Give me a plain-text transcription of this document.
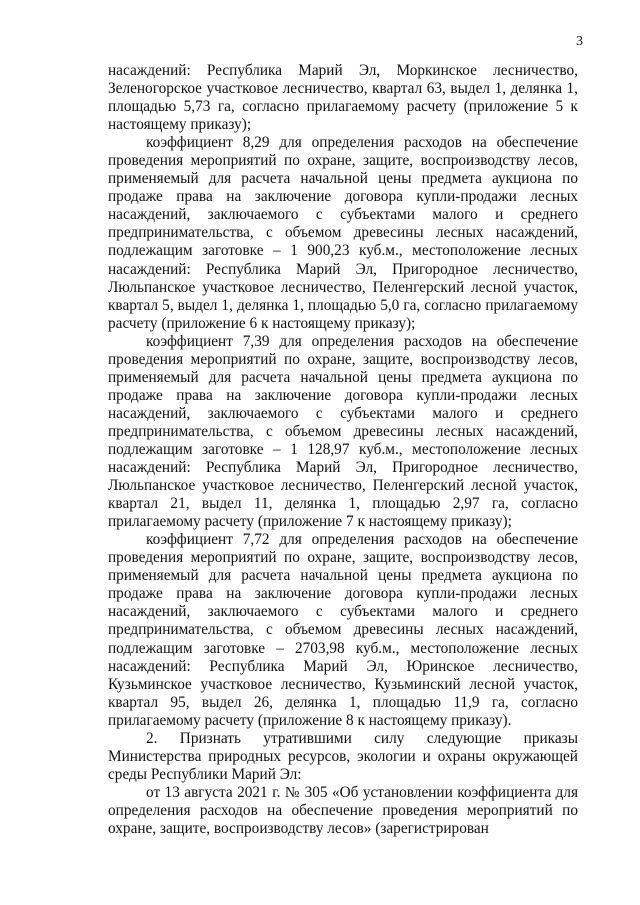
3

насаждений: Республика Марий Эл, Моркинское лесничество, Зеленогорское участковое лесничество, квартал 63, выдел 1, делянка 1, площадью 5,73 га, согласно прилагаемому расчету (приложение 5 к настоящему приказу);

коэффициент 8,29 для определения расходов на обеспечение проведения мероприятий по охране, защите, воспроизводству лесов, применяемый для расчета начальной цены предмета аукциона по продаже права на заключение договора купли-продажи лесных насаждений, заключаемого с субъектами малого и среднего предпринимательства, с объемом древесины лесных насаждений, подлежащим заготовке – 1 900,23 куб.м., местоположение лесных насаждений: Республика Марий Эл, Пригородное лесничество, Люльпанское участковое лесничество, Пеленгерский лесной участок, квартал 5, выдел 1, делянка 1, площадью 5,0 га, согласно прилагаемому расчету (приложение 6 к настоящему приказу);

коэффициент 7,39 для определения расходов на обеспечение проведения мероприятий по охране, защите, воспроизводству лесов, применяемый для расчета начальной цены предмета аукциона по продаже права на заключение договора купли-продажи лесных насаждений, заключаемого с субъектами малого и среднего предпринимательства, с объемом древесины лесных насаждений, подлежащим заготовке – 1 128,97 куб.м., местоположение лесных насаждений: Республика Марий Эл, Пригородное лесничество, Люльпанское участковое лесничество, Пеленгерский лесной участок, квартал 21, выдел 11, делянка 1, площадью 2,97 га, согласно прилагаемому расчету (приложение 7 к настоящему приказу);

коэффициент 7,72 для определения расходов на обеспечение проведения мероприятий по охране, защите, воспроизводству лесов, применяемый для расчета начальной цены предмета аукциона по продаже права на заключение договора купли-продажи лесных насаждений, заключаемого с субъектами малого и среднего предпринимательства, с объемом древесины лесных насаждений, подлежащим заготовке – 2703,98 куб.м., местоположение лесных насаждений: Республика Марий Эл, Юринское лесничество, Кузьминское участковое лесничество, Кузьминский лесной участок, квартал 95, выдел 26, делянка 1, площадью 11,9 га, согласно прилагаемому расчету (приложение 8 к настоящему приказу).

2. Признать утратившими силу следующие приказы Министерства природных ресурсов, экологии и охраны окружающей среды Республики Марий Эл:

от 13 августа 2021 г. № 305 «Об установлении коэффициента для определения расходов на обеспечение проведения мероприятий по охране, защите, воспроизводству лесов» (зарегистрирован
